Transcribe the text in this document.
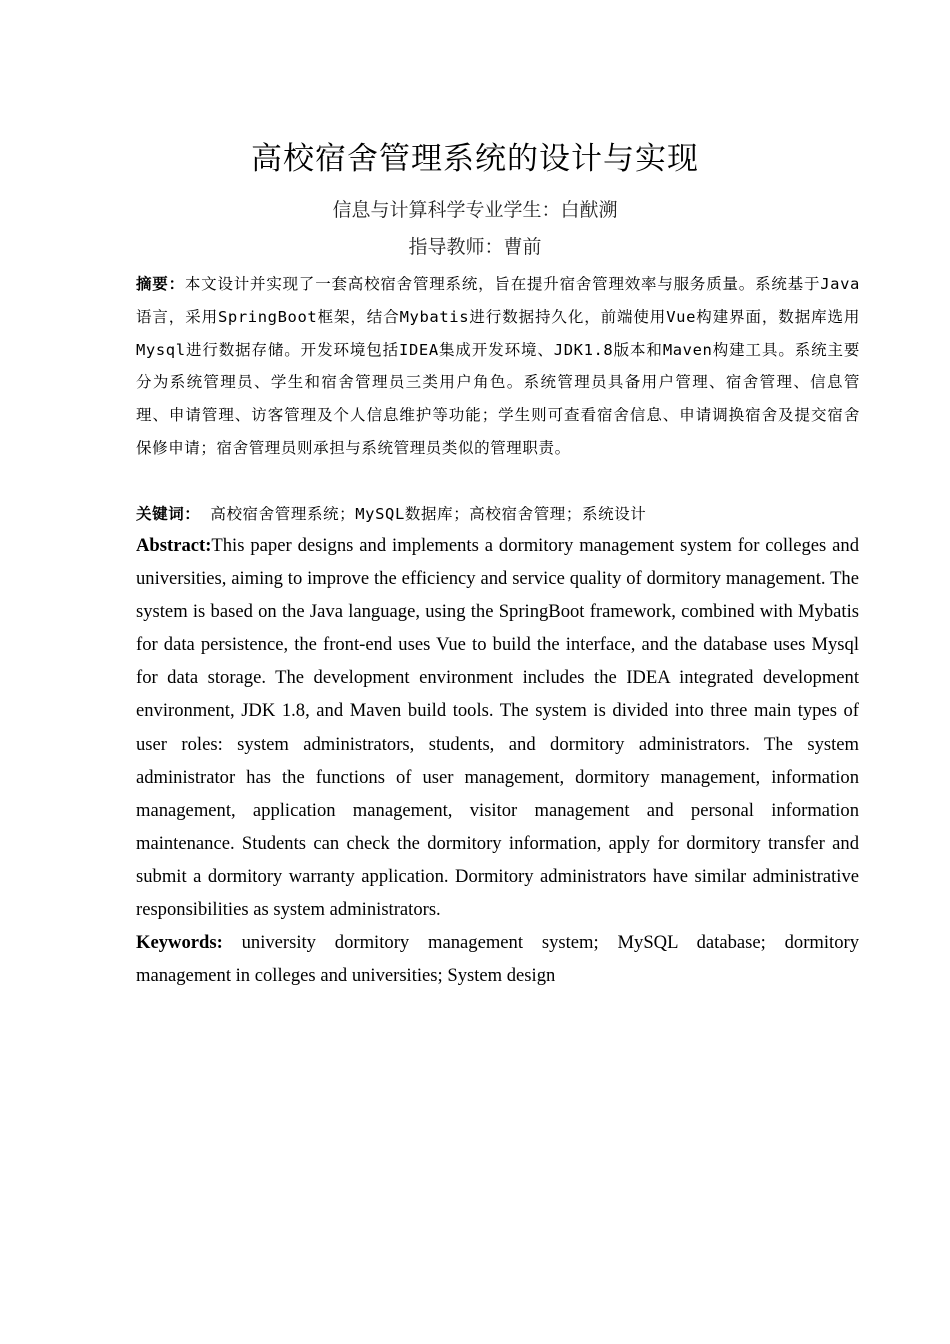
高校宿舍管理系统的设计与实现
信息与计算科学专业学生：白猷溯
指导教师：曹前

摘要：本文设计并实现了一套高校宿舍管理系统，旨在提升宿舍管理效率与服务质量。系统基于Java语言，采用SpringBoot框架，结合Mybatis进行数据持久化，前端使用Vue构建界面，数据库选用Mysql进行数据存储。开发环境包括IDEA集成开发环境、JDK1.8版本和Maven构建工具。系统主要分为系统管理员、学生和宿舍管理员三类用户角色。系统管理员具备用户管理、宿舍管理、信息管理、申请管理、访客管理及个人信息维护等功能；学生则可查看宿舍信息、申请调换宿舍及提交宿舍保修申请；宿舍管理员则承担与系统管理员类似的管理职责。

关键词： 高校宿舍管理系统；MySQL数据库；高校宿舍管理；系统设计

Abstract:This paper designs and implements a dormitory management system for colleges and universities, aiming to improve the efficiency and service quality of dormitory management. The system is based on the Java language, using the SpringBoot framework, combined with Mybatis for data persistence, the front-end uses Vue to build the interface, and the database uses Mysql for data storage. The development environment includes the IDEA integrated development environment, JDK 1.8, and Maven build tools. The system is divided into three main types of user roles: system administrators, students, and dormitory administrators. The system administrator has the functions of user management, dormitory management, information management, application management, visitor management and personal information maintenance. Students can check the dormitory information, apply for dormitory transfer and submit a dormitory warranty application. Dormitory administrators have similar administrative responsibilities as system administrators.

Keywords: university dormitory management system; MySQL database; dormitory management in colleges and universities; System design
